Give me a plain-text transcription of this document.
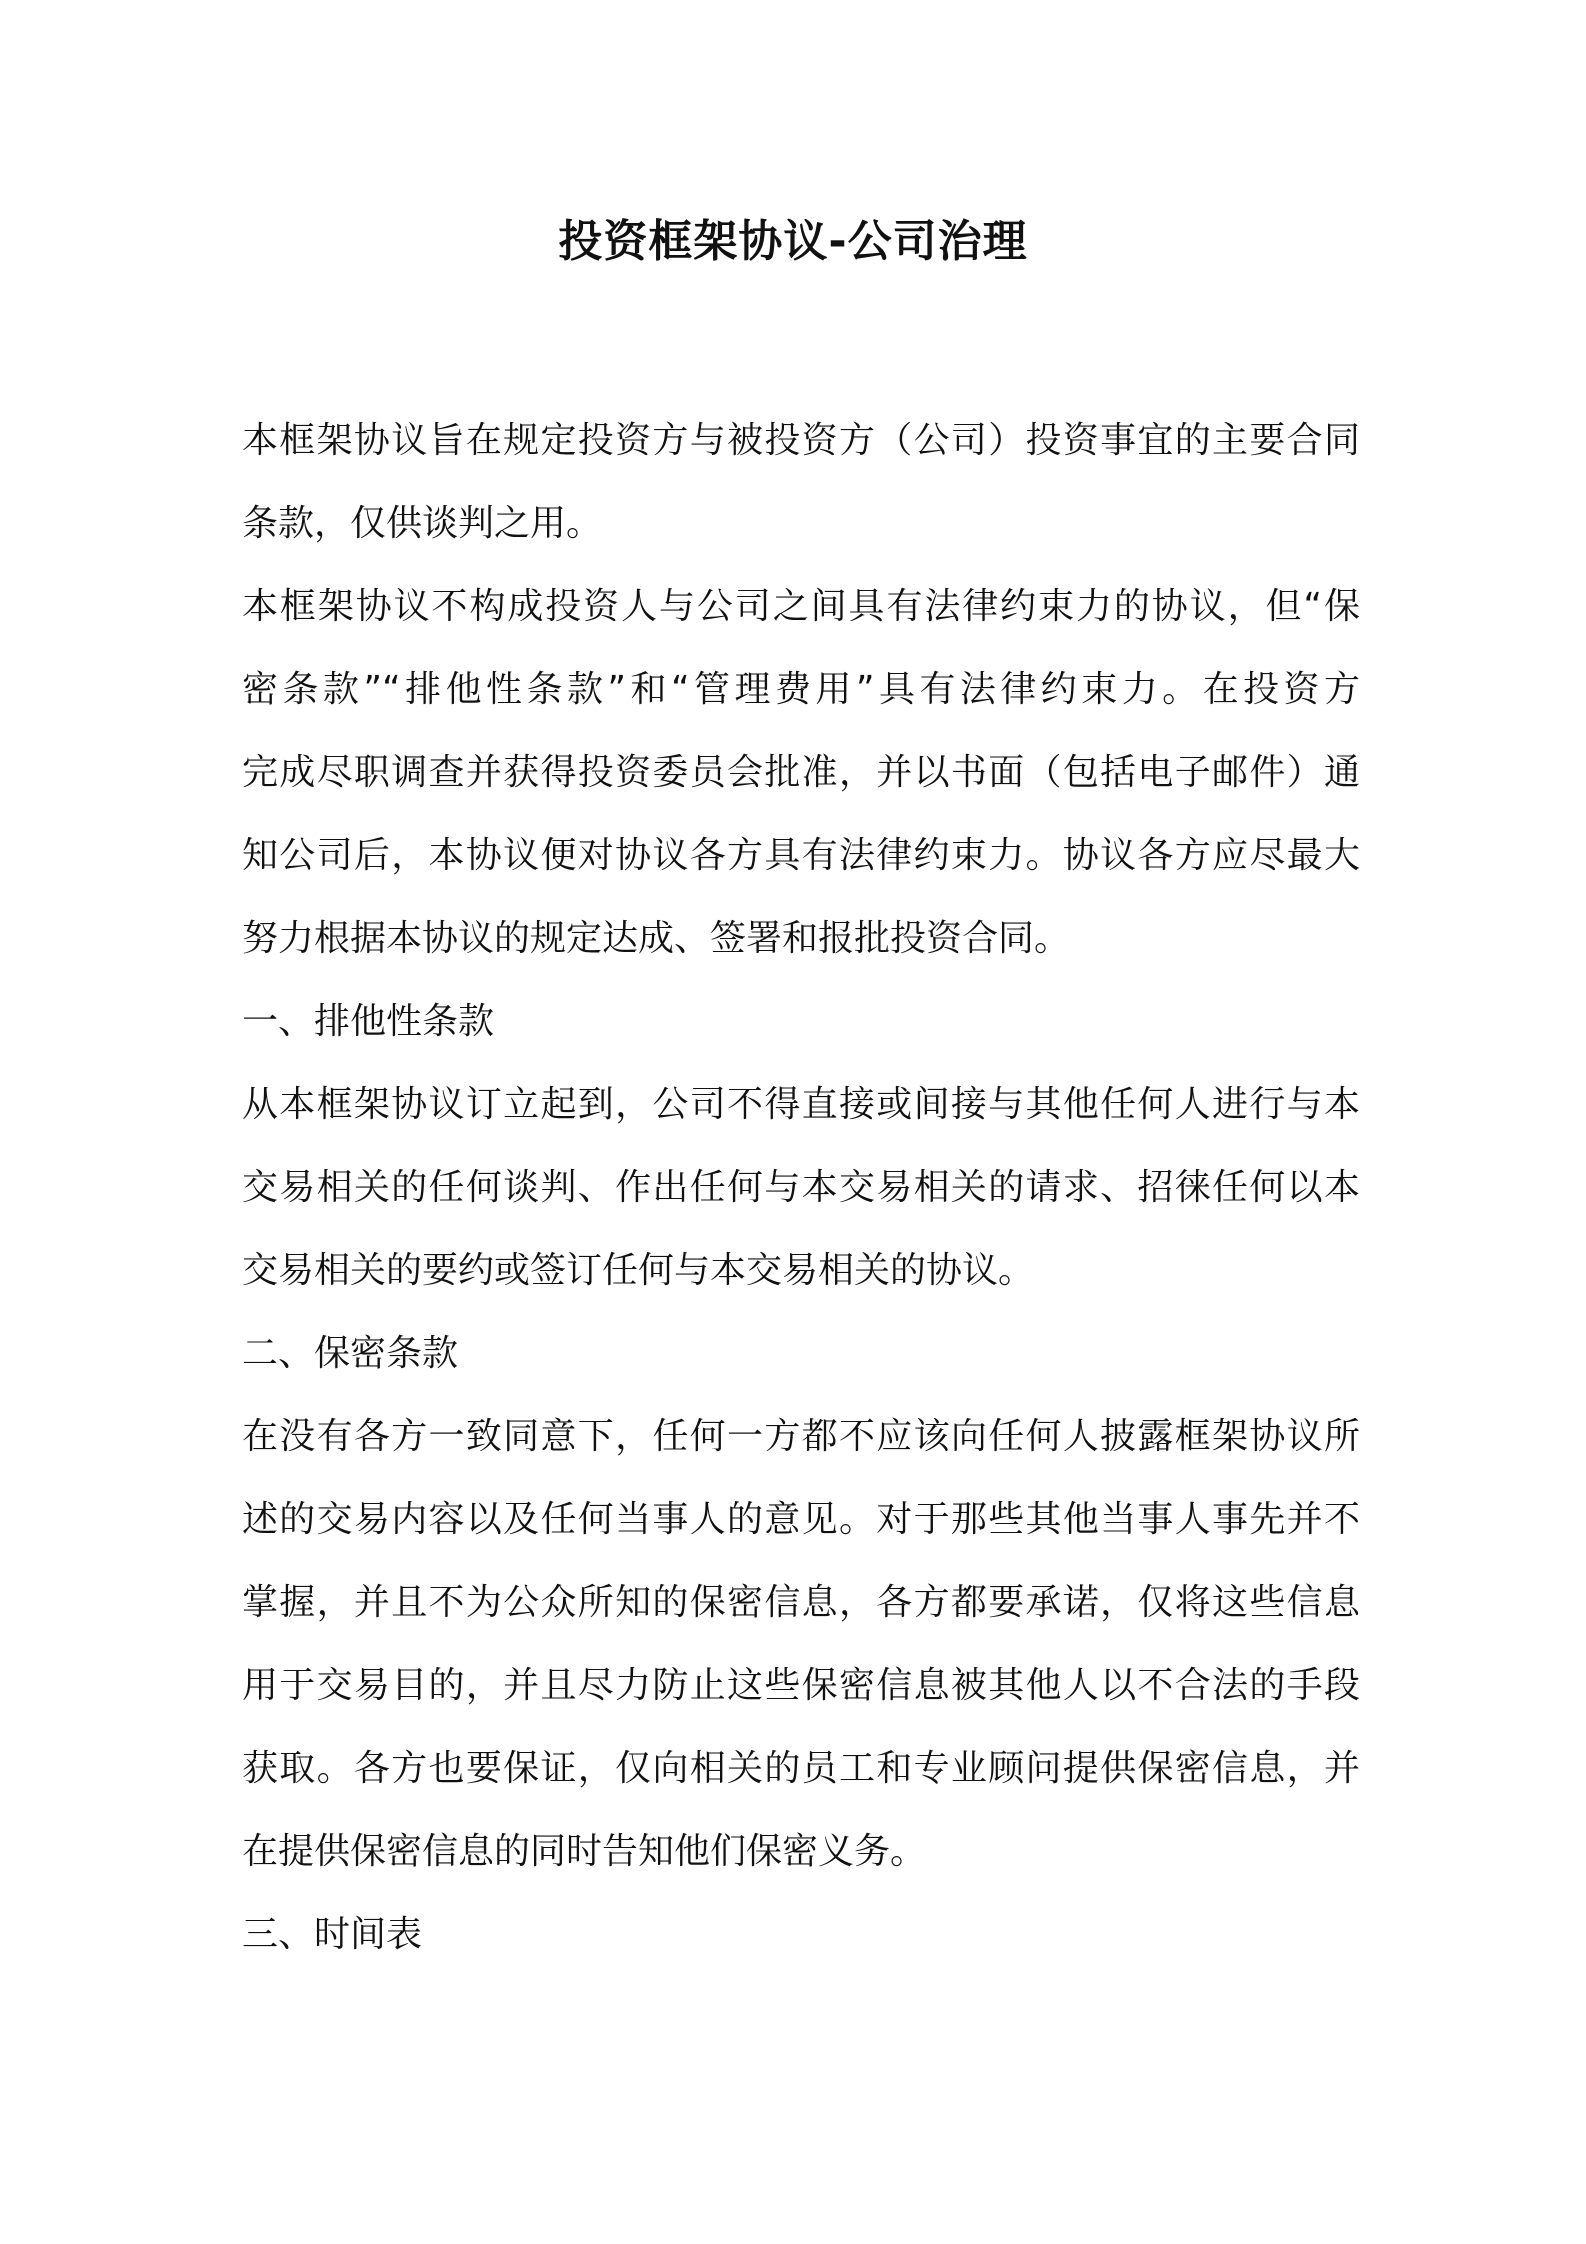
投资框架协议-公司治理
本框架协议旨在规定投资方与被投资方（公司）投资事宜的主要合同
条款，仅供谈判之用。
本框架协议不构成投资人与公司之间具有法律约束力的协议，但“保
密条款”“排他性条款”和“管理费用”具有法律约束力。在投资方
完成尽职调查并获得投资委员会批准，并以书面（包括电子邮件）通
知公司后，本协议便对协议各方具有法律约束力。协议各方应尽最大
努力根据本协议的规定达成、签署和报批投资合同。
一、排他性条款
从本框架协议订立起到，公司不得直接或间接与其他任何人进行与本
交易相关的任何谈判、作出任何与本交易相关的请求、招徕任何以本
交易相关的要约或签订任何与本交易相关的协议。
二、保密条款
在没有各方一致同意下，任何一方都不应该向任何人披露框架协议所
述的交易内容以及任何当事人的意见。对于那些其他当事人事先并不
掌握，并且不为公众所知的保密信息，各方都要承诺，仅将这些信息
用于交易目的，并且尽力防止这些保密信息被其他人以不合法的手段
获取。各方也要保证，仅向相关的员工和专业顾问提供保密信息，并
在提供保密信息的同时告知他们保密义务。
三、时间表
